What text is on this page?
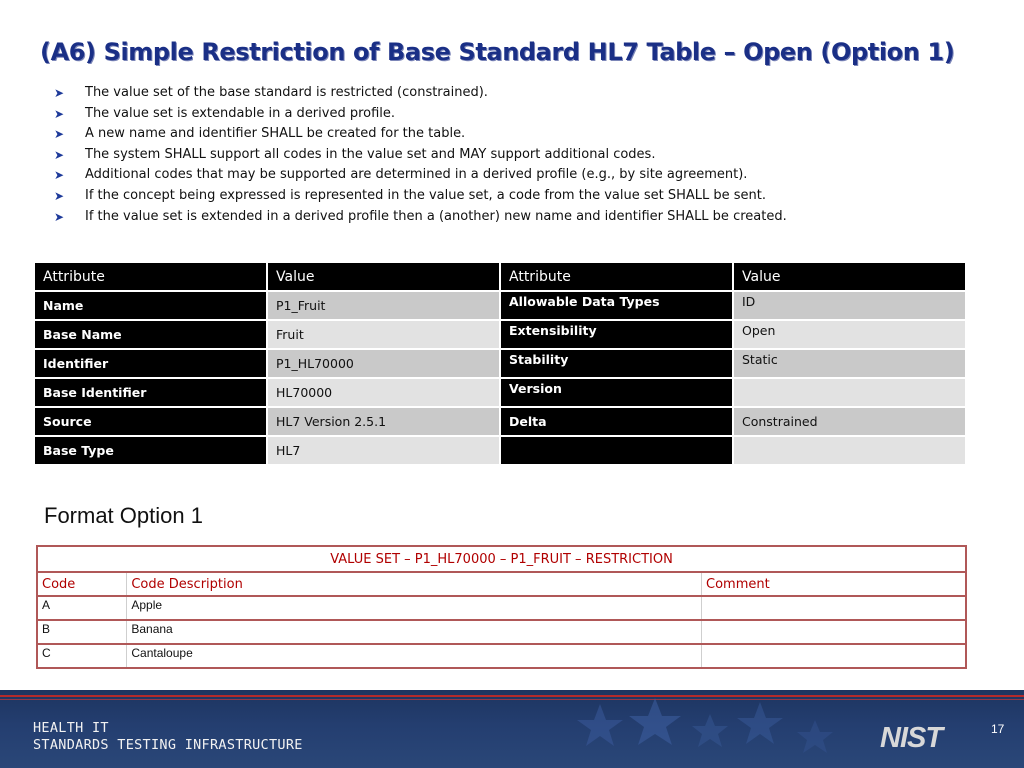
(A6) Simple Restriction of Base Standard HL7 Table – Open (Option 1)
➤	The value set of the base standard is restricted (constrained).
➤	The value set is extendable in a derived profile.
➤	A new name and identifier SHALL be created for the table.
➤	The system SHALL support all codes in the value set and MAY support additional codes.
➤	Additional codes that may be supported are determined in a derived profile (e.g., by site agreement).
➤	If the concept being expressed is represented in the value set, a code from the value set SHALL be sent.
➤	If the value set is extended in a derived profile then a (another) new name and identifier SHALL be created.
Attribute	Value	Attribute	Value
Name	P1_Fruit	Allowable Data Types	ID
Base Name	Fruit	Extensibility	Open
Identifier	P1_HL70000	Stability	Static
Base Identifier	HL70000	Version	
Source	HL7 Version 2.5.1	Delta	Constrained
Base Type	HL7		

Format Option 1

VALUE SET – P1_HL70000 – P1_FRUIT – RESTRICTION		
Code	Code Description	Comment
A	Apple	
B	Banana	
C	Cantaloupe	
HEALTH IT
STANDARDS TESTING INFRASTRUCTURE	NIST	17
